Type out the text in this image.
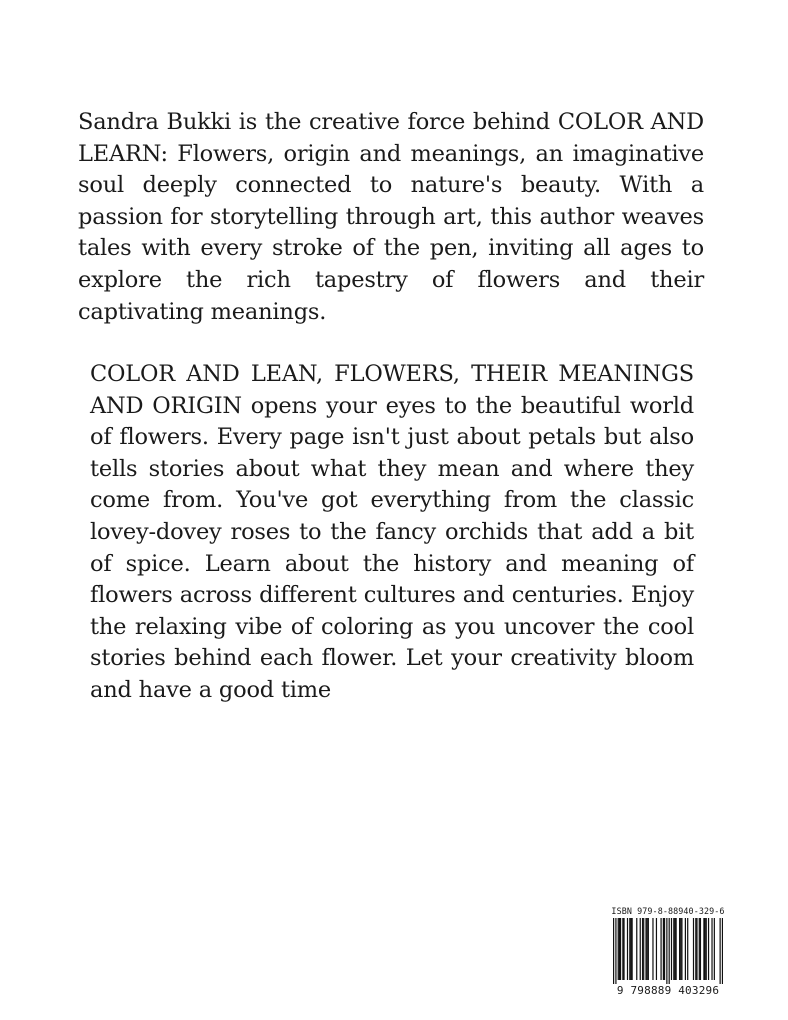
Sandra Bukki is the creative force behind COLOR AND LEARN: Flowers, origin and meanings, an imaginative soul deeply connected to nature's beauty. With a passion for storytelling through art, this author weaves tales with every stroke of the pen, inviting all ages to explore the rich tapestry of flowers and their captivating meanings.

COLOR AND LEAN, FLOWERS, THEIR MEANINGS AND ORIGIN opens your eyes to the beautiful world of flowers. Every page isn't just about petals but also tells stories about what they mean and where they come from. You've got everything from the classic lovey-dovey roses to the fancy orchids that add a bit of spice. Learn about the history and meaning of flowers across different cultures and centuries. Enjoy the relaxing vibe of coloring as you uncover the cool stories behind each flower. Let your creativity bloom and have a good time

ISBN 979-8-88940-329-6
9 798889 403296
